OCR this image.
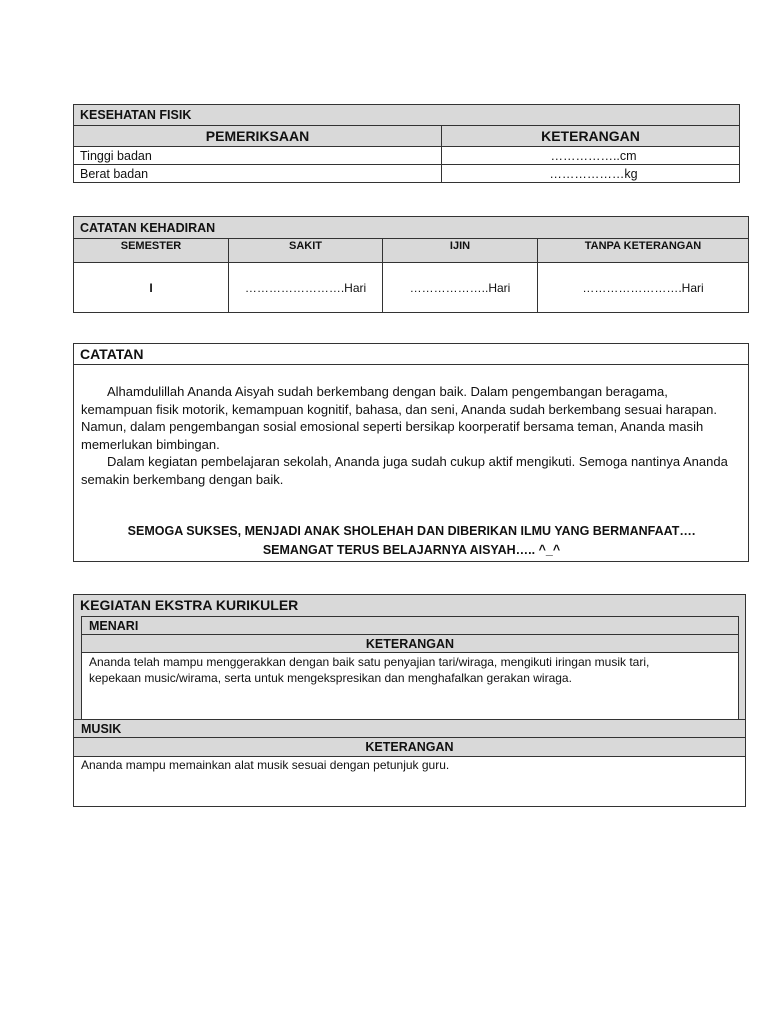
KESEHATAN FISIK	
PEMERIKSAAN	KETERANGAN
Tinggi badan	……………..cm
Berat badan	………………kg
CATATAN KEHADIRAN			
SEMESTER	SAKIT	IJIN	TANPA KETERANGAN
I	…………………….Hari	………………..Hari	…………………….Hari
CATATAN

Alhamdulillah Ananda Aisyah sudah berkembang dengan baik. Dalam pengembangan beragama, kemampuan fisik motorik, kemampuan kognitif, bahasa, dan seni, Ananda sudah berkembang sesuai harapan. Namun, dalam pengembangan sosial emosional seperti bersikap koorperatif bersama teman, Ananda masih memerlukan bimbingan.

Dalam kegiatan pembelajaran sekolah, Ananda juga sudah cukup aktif mengikuti. Semoga nantinya Ananda semakin berkembang dengan baik.

SEMOGA SUKSES, MENJADI ANAK SHOLEHAH DAN DIBERIKAN ILMU YANG BERMANFAAT….
SEMANGAT TERUS BELAJARNYA AISYAH….. ^_^
KEGIATAN EKSTRA KURIKULER
MENARI
KETERANGAN
Ananda telah mampu menggerakkan dengan baik satu penyajian tari/wiraga, mengikuti iringan musik tari, kepekaan music/wirama, serta untuk mengekspresikan dan menghafalkan gerakan wiraga.
MUSIK
KETERANGAN
Ananda mampu memainkan alat musik sesuai dengan petunjuk guru.
